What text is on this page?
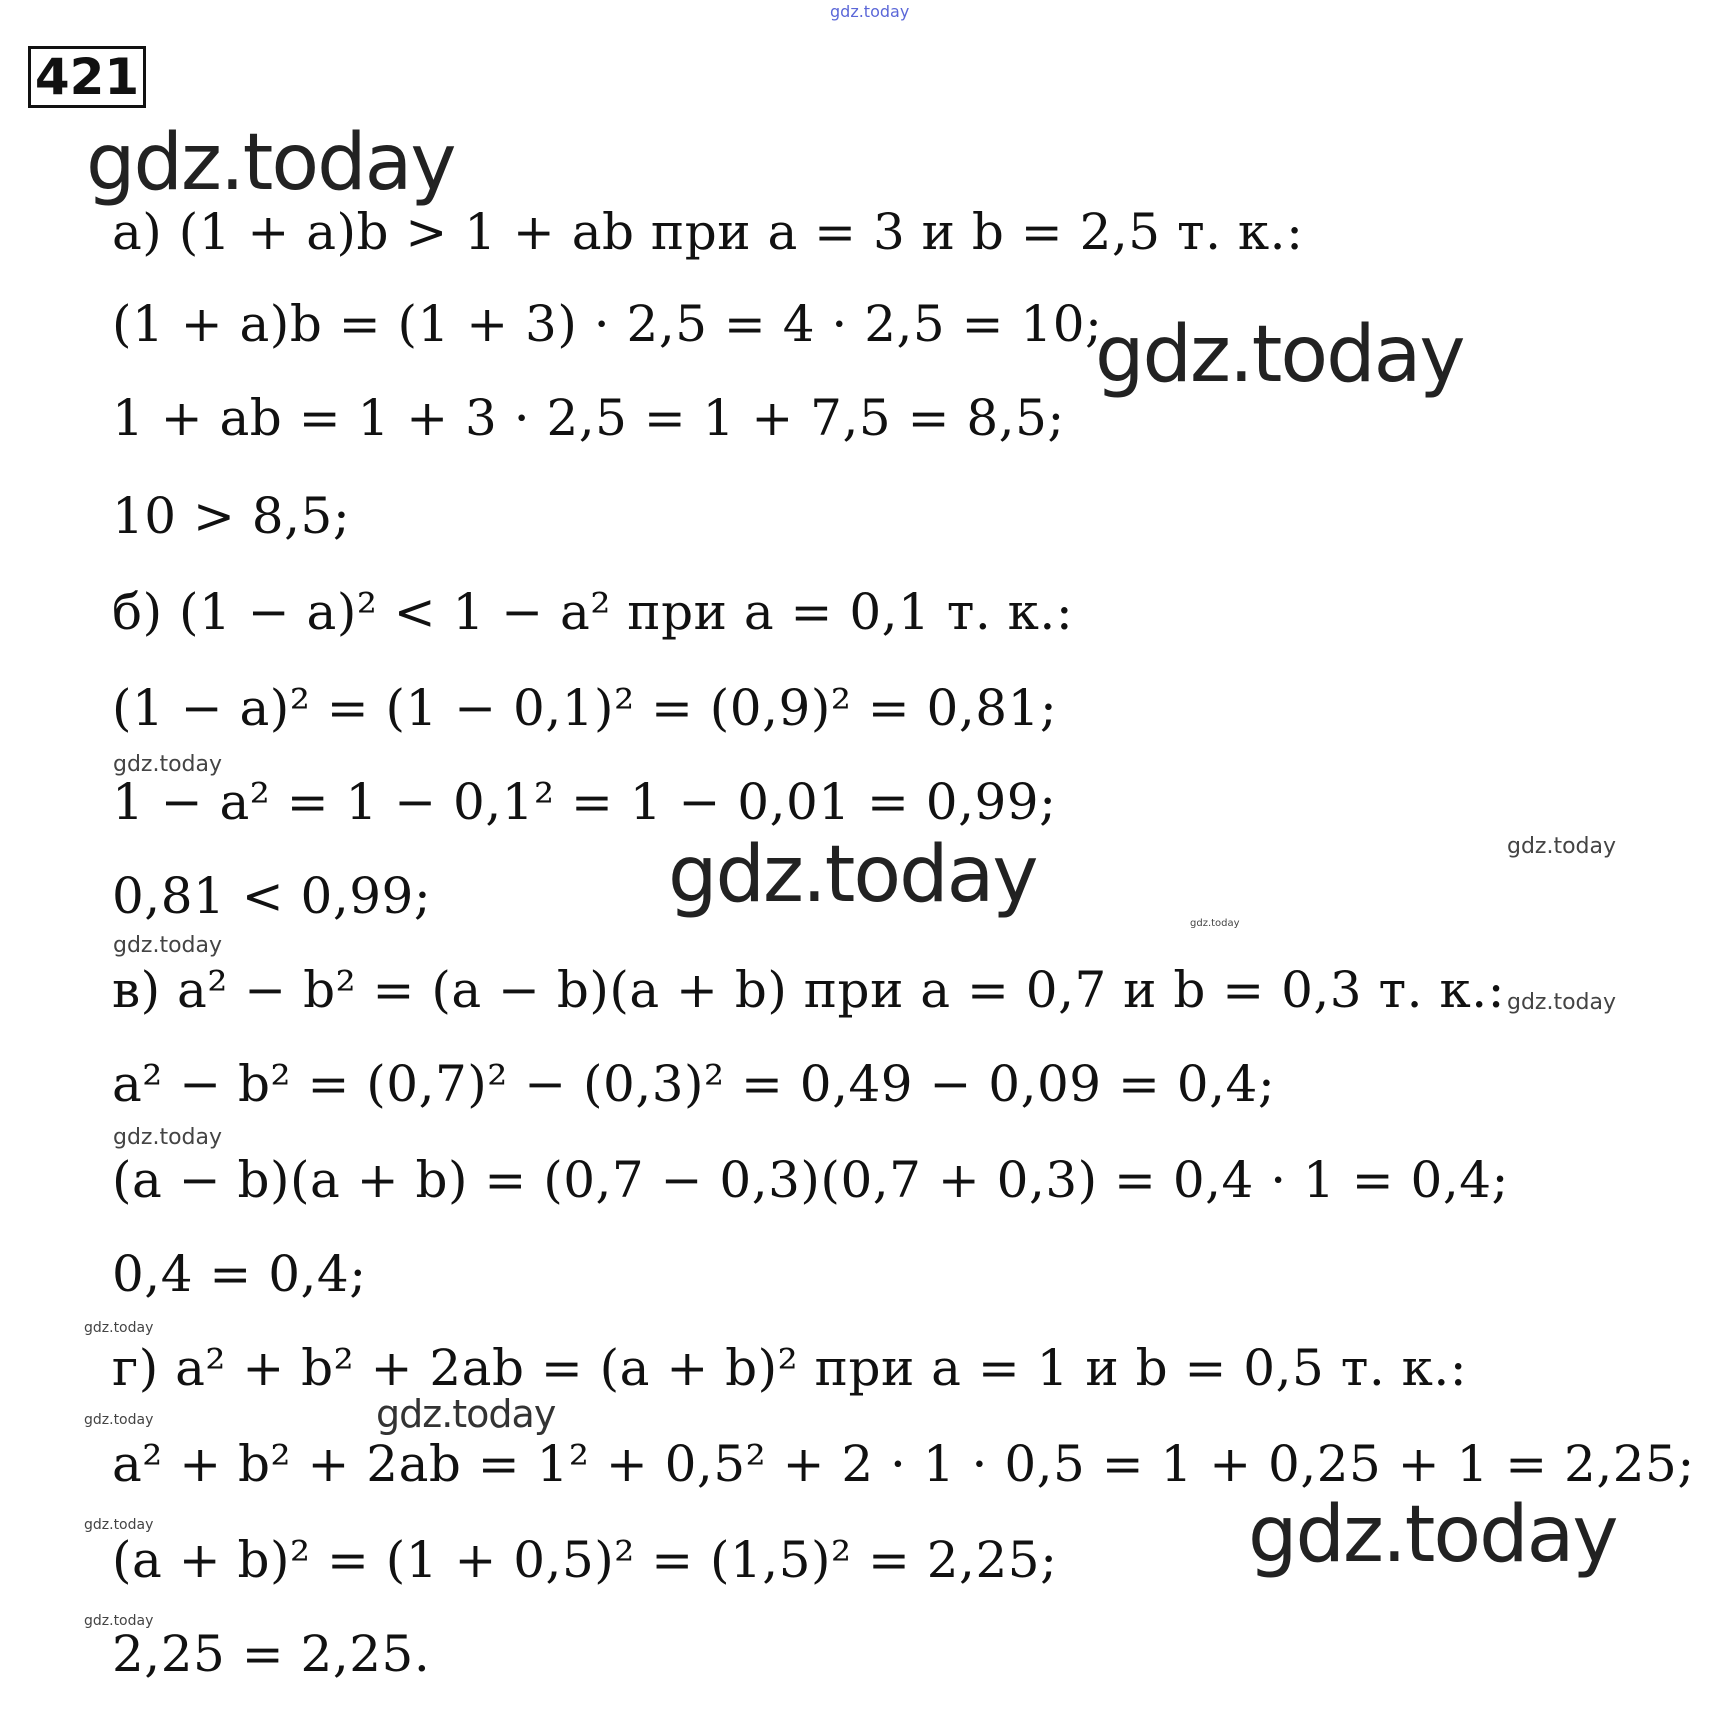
gdz.today
421
gdz.today
gdz.today
gdz.today
gdz.today
gdz.today
gdz.today
gdz.today
gdz.today
gdz.today
gdz.today
gdz.today
gdz.today
gdz.today
gdz.today
а) (1 + a)b > 1 + ab при a = 3 и b = 2,5 т. к.:
(1 + a)b = (1 + 3) · 2,5 = 4 · 2,5 = 10;
1 + ab = 1 + 3 · 2,5 = 1 + 7,5 = 8,5;
10 > 8,5;
б) (1 − a)² < 1 − a² при a = 0,1 т. к.:
(1 − a)² = (1 − 0,1)² = (0,9)² = 0,81;
1 − a² = 1 − 0,1² = 1 − 0,01 = 0,99;
0,81 < 0,99;
в) a² − b² = (a − b)(a + b) при a = 0,7 и b = 0,3 т. к.:
a² − b² = (0,7)² − (0,3)² = 0,49 − 0,09 = 0,4;
(a − b)(a + b) = (0,7 − 0,3)(0,7 + 0,3) = 0,4 · 1 = 0,4;
0,4 = 0,4;
г) a² + b² + 2ab = (a + b)² при a = 1 и b = 0,5 т. к.:
a² + b² + 2ab = 1² + 0,5² + 2 · 1 · 0,5 = 1 + 0,25 + 1 = 2,25;
(a + b)² = (1 + 0,5)² = (1,5)² = 2,25;
2,25 = 2,25.
gdz.today
